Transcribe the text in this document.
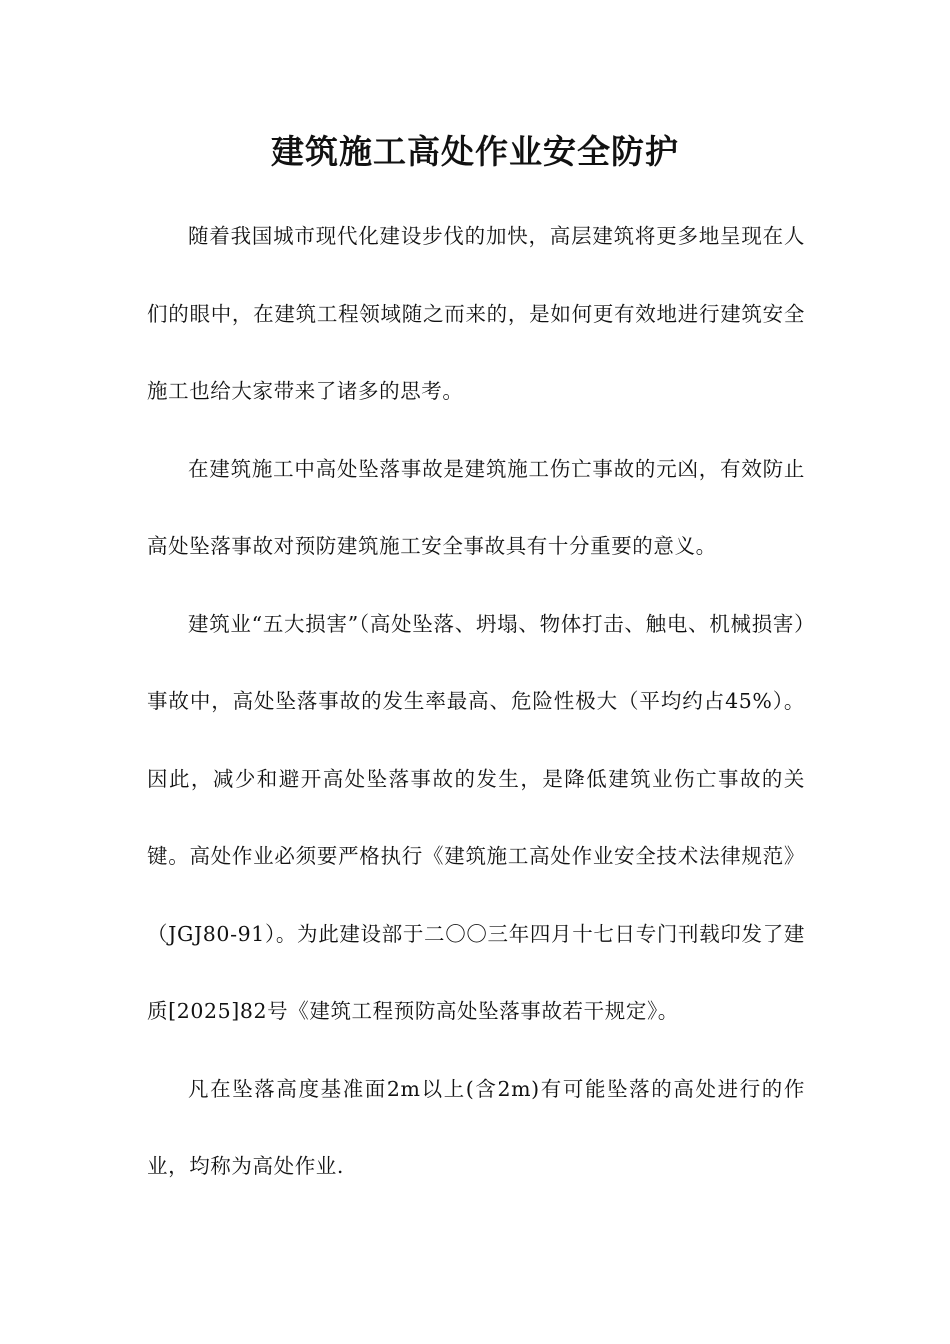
建筑施工高处作业安全防护

随着我国城市现代化建设步伐的加快，高层建筑将更多地呈现在人们的眼中，在建筑工程领域随之而来的，是如何更有效地进行建筑安全施工也给大家带来了诸多的思考。

在建筑施工中高处坠落事故是建筑施工伤亡事故的元凶，有效防止高处坠落事故对预防建筑施工安全事故具有十分重要的意义。

建筑业“五大损害”（高处坠落、坍塌、物体打击、触电、机械损害）事故中，高处坠落事故的发生率最高、危险性极大（平均约占45%）。因此，减少和避开高处坠落事故的发生，是降低建筑业伤亡事故的关键。高处作业必须要严格执行《建筑施工高处作业安全技术法律规范》（JGJ80-91）。为此建设部于二〇〇三年四月十七日专门刊载印发了建质[2025]82号《建筑工程预防高处坠落事故若干规定》。

凡在坠落高度基准面2m以上(含2m)有可能坠落的高处进行的作业，均称为高处作业.
